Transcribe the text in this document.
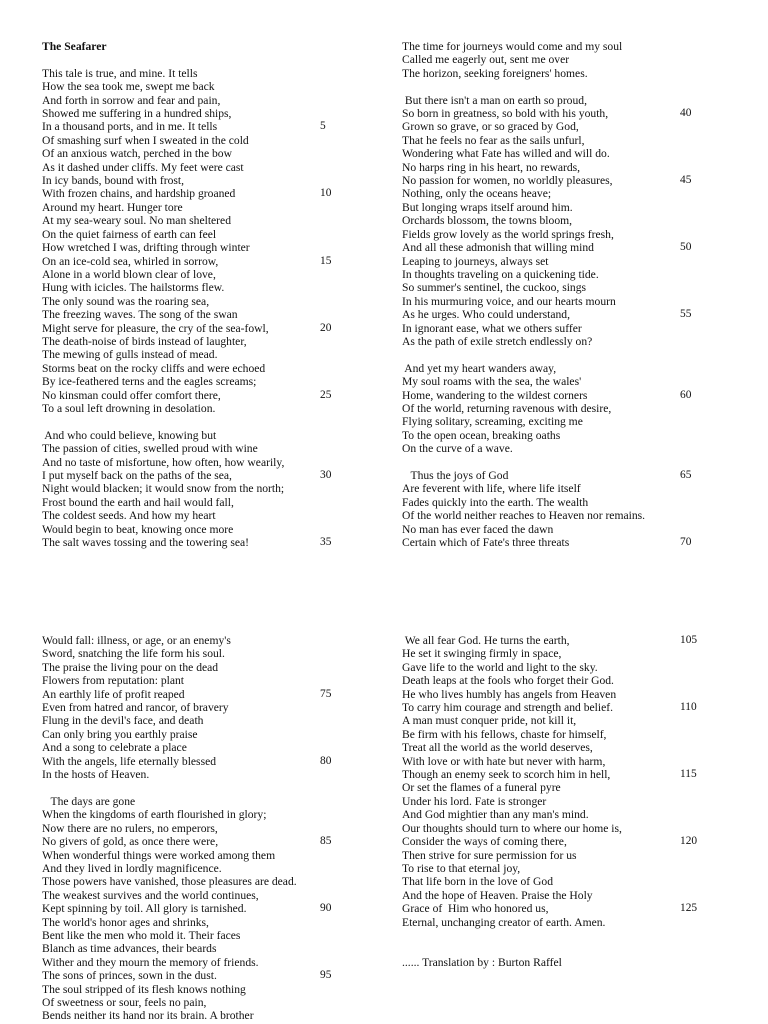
The Seafarer
This tale is true, and mine. It tells
How the sea took me, swept me back
And forth in sorrow and fear and pain,
Showed me suffering in a hundred ships,
In a thousand ports, and in me. It tells	5
Of smashing surf when I sweated in the cold
Of an anxious watch, perched in the bow
As it dashed under cliffs. My feet were cast
In icy bands, bound with frost,
With frozen chains, and hardship groaned	10
Around my heart. Hunger tore
At my sea-weary soul. No man sheltered
On the quiet fairness of earth can feel
How wretched I was, drifting through winter
On an ice-cold sea, whirled in sorrow,	15
Alone in a world blown clear of love,
Hung with icicles. The hailstorms flew.
The only sound was the roaring sea,
The freezing waves. The song of the swan
Might serve for pleasure, the cry of the sea-fowl,	20
The death-noise of birds instead of laughter,
The mewing of gulls instead of mead.
Storms beat on the rocky cliffs and were echoed
By ice-feathered terns and the eagles screams;
No kinsman could offer comfort there,	25
To a soul left drowning in desolation.
And who could believe, knowing but
The passion of cities, swelled proud with wine
And no taste of misfortune, how often, how wearily,
I put myself back on the paths of the sea,	30
Night would blacken; it would snow from the north;
Frost bound the earth and hail would fall,
The coldest seeds. And how my heart
Would begin to beat, knowing once more
The salt waves tossing and the towering sea!	35
The time for journeys would come and my soul
Called me eagerly out, sent me over
The horizon, seeking foreigners' homes.
But there isn't a man on earth so proud,
So born in greatness, so bold with his youth,	40
Grown so grave, or so graced by God,
That he feels no fear as the sails unfurl,
Wondering what Fate has willed and will do.
No harps ring in his heart, no rewards,
No passion for women, no worldly pleasures,	45
Nothing, only the oceans heave;
But longing wraps itself around him.
Orchards blossom, the towns bloom,
Fields grow lovely as the world springs fresh,
And all these admonish that willing mind	50
Leaping to journeys, always set
In thoughts traveling on a quickening tide.
So summer's sentinel, the cuckoo, sings
In his murmuring voice, and our hearts mourn
As he urges. Who could understand,	55
In ignorant ease, what we others suffer
As the path of exile stretch endlessly on?
And yet my heart wanders away,
My soul roams with the sea, the wales'
Home, wandering to the wildest corners	60
Of the world, returning ravenous with desire,
Flying solitary, screaming, exciting me
To the open ocean, breaking oaths
On the curve of a wave.
Thus the joys of God	65
Are feverent with life, where life itself
Fades quickly into the earth. The wealth
Of the world neither reaches to Heaven nor remains.
No man has ever faced the dawn
Certain which of Fate's three threats	70
Would fall: illness, or age, or an enemy's
Sword, snatching the life form his soul.
The praise the living pour on the dead
Flowers from reputation: plant
An earthly life of profit reaped	75
Even from hatred and rancor, of bravery
Flung in the devil's face, and death
Can only bring you earthly praise
And a song to celebrate a place
With the angels, life eternally blessed	80
In the hosts of Heaven.
The days are gone
When the kingdoms of earth flourished in glory;
Now there are no rulers, no emperors,
No givers of gold, as once there were,	85
When wonderful things were worked among them
And they lived in lordly magnificence.
Those powers have vanished, those pleasures are dead.
The weakest survives and the world continues,
Kept spinning by toil. All glory is tarnished.	90
The world's honor ages and shrinks,
Bent like the men who mold it. Their faces
Blanch as time advances, their beards
Wither and they mourn the memory of friends.
The sons of princes, sown in the dust.	95
The soul stripped of its flesh knows nothing
Of sweetness or sour, feels no pain,
Bends neither its hand nor its brain. A brother
We all fear God. He turns the earth,	105
He set it swinging firmly in space,
Gave life to the world and light to the sky.
Death leaps at the fools who forget their God.
He who lives humbly has angels from Heaven
To carry him courage and strength and belief.	110
A man must conquer pride, not kill it,
Be firm with his fellows, chaste for himself,
Treat all the world as the world deserves,
With love or with hate but never with harm,
Though an enemy seek to scorch him in hell,	115
Or set the flames of a funeral pyre
Under his lord. Fate is stronger
And God mightier than any man's mind.
Our thoughts should turn to where our home is,
Consider the ways of coming there,	120
Then strive for sure permission for us
To rise to that eternal joy,
That life born in the love of God
And the hope of Heaven. Praise the Holy
Grace of  Him who honored us,	125
Eternal, unchanging creator of earth. Amen.
...... Translation by : Burton Raffel
